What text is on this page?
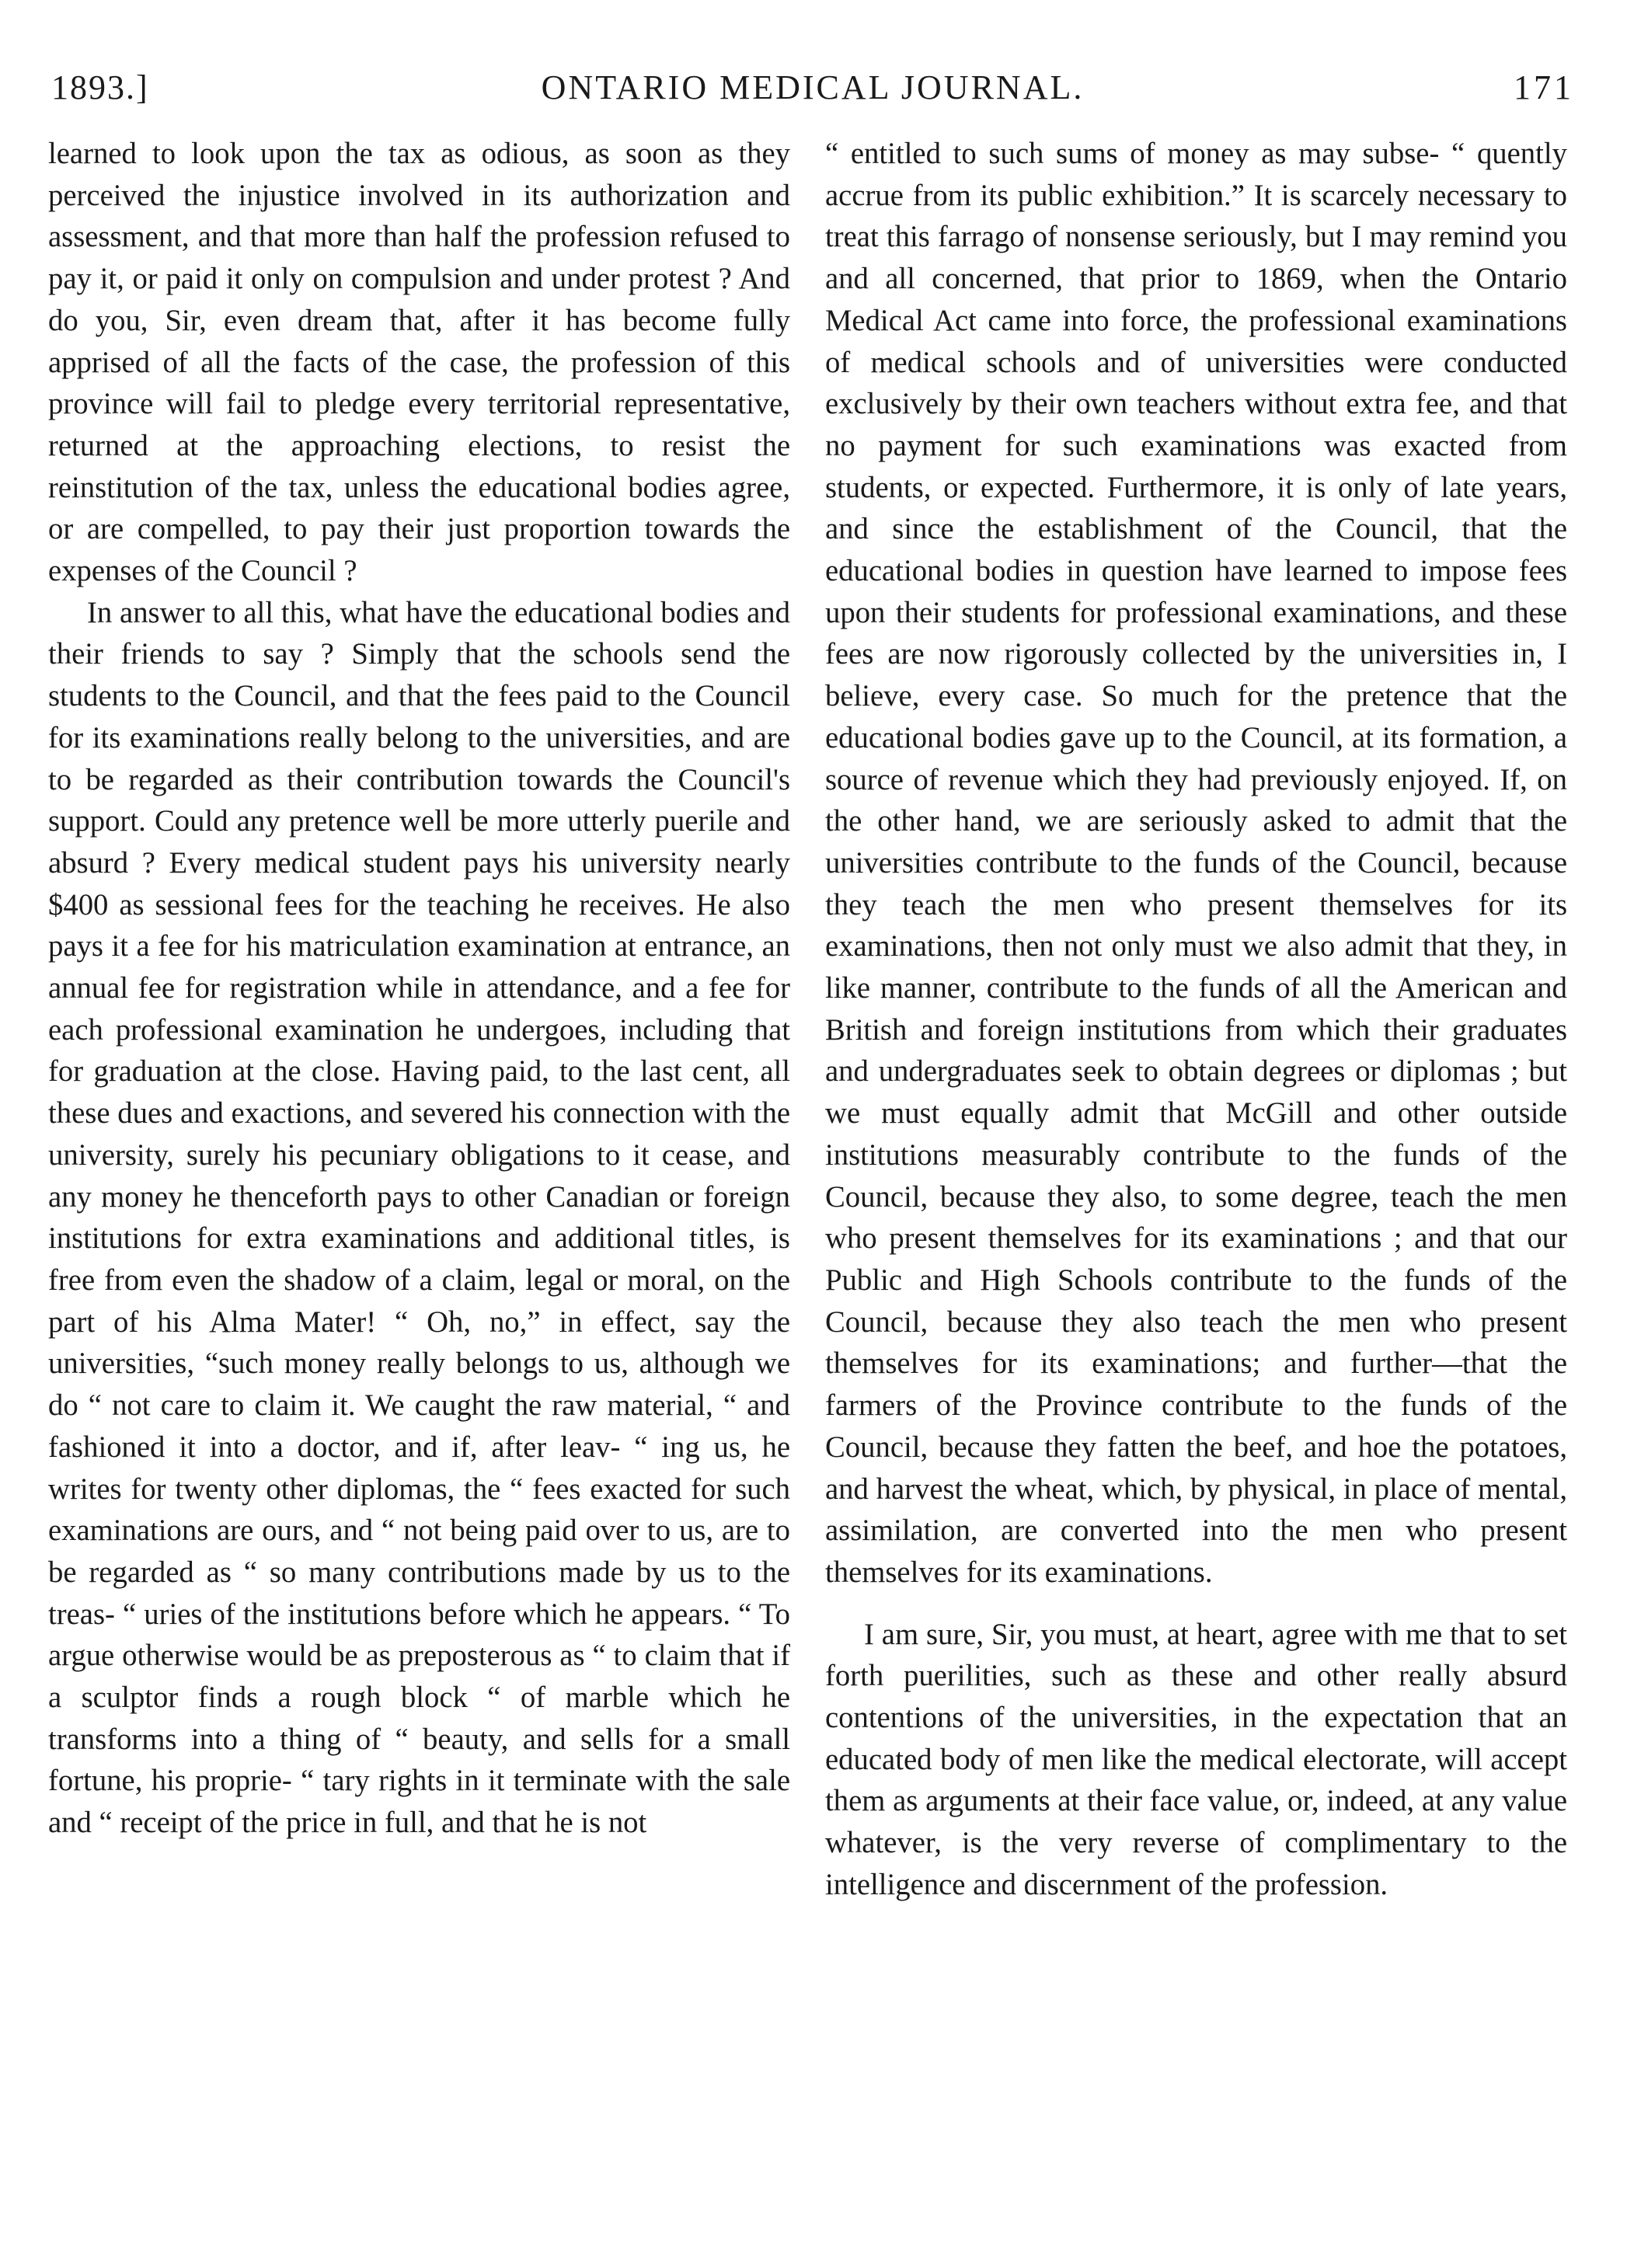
1893.]	ONTARIO MEDICAL JOURNAL.	171

learned to look upon the tax as odious, as soon as they perceived the injustice involved in its authorization and assessment, and that more than half the profession refused to pay it, or paid it only on compulsion and under protest ? And do you, Sir, even dream that, after it has become fully apprised of all the facts of the case, the profession of this province will fail to pledge every territorial representative, returned at the approaching elections, to resist the reinstitution of the tax, unless the educational bodies agree, or are compelled, to pay their just proportion towards the expenses of the Council ?

In answer to all this, what have the educational bodies and their friends to say ? Simply that the schools send the students to the Council, and that the fees paid to the Council for its examinations really belong to the universities, and are to be regarded as their contribution towards the Council's support. Could any pretence well be more utterly puerile and absurd ? Every medical student pays his university nearly $400 as sessional fees for the teaching he receives. He also pays it a fee for his matriculation examination at entrance, an annual fee for registration while in attendance, and a fee for each professional examination he undergoes, including that for graduation at the close. Having paid, to the last cent, all these dues and exactions, and severed his connection with the university, surely his pecuniary obligations to it cease, and any money he thenceforth pays to other Canadian or foreign institutions for extra examinations and additional titles, is free from even the shadow of a claim, legal or moral, on the part of his Alma Mater! “ Oh, no,” in effect, say the universities, “such money really belongs to us, although we do “ not care to claim it. We caught the raw material, “ and fashioned it into a doctor, and if, after leav- “ ing us, he writes for twenty other diplomas, the “ fees exacted for such examinations are ours, and “ not being paid over to us, are to be regarded as “ so many contributions made by us to the treas- “ uries of the institutions before which he appears. “ To argue otherwise would be as preposterous as “ to claim that if a sculptor finds a rough block “ of marble which he transforms into a thing of “ beauty, and sells for a small fortune, his proprie- “ tary rights in it terminate with the sale and “ receipt of the price in full, and that he is not

“ entitled to such sums of money as may subse- “ quently accrue from its public exhibition.” It is scarcely necessary to treat this farrago of nonsense seriously, but I may remind you and all concerned, that prior to 1869, when the Ontario Medical Act came into force, the professional examinations of medical schools and of universities were conducted exclusively by their own teachers without extra fee, and that no payment for such examinations was exacted from students, or expected. Furthermore, it is only of late years, and since the establishment of the Council, that the educational bodies in question have learned to impose fees upon their students for professional examinations, and these fees are now rigorously collected by the universities in, I believe, every case. So much for the pretence that the educational bodies gave up to the Council, at its formation, a source of revenue which they had previously enjoyed. If, on the other hand, we are seriously asked to admit that the universities contribute to the funds of the Council, because they teach the men who present themselves for its examinations, then not only must we also admit that they, in like manner, contribute to the funds of all the American and British and foreign institutions from which their graduates and undergraduates seek to obtain degrees or diplomas ; but we must equally admit that McGill and other outside institutions measurably contribute to the funds of the Council, because they also, to some degree, teach the men who present themselves for its examinations ; and that our Public and High Schools contribute to the funds of the Council, because they also teach the men who present themselves for its examinations; and further—that the farmers of the Province contribute to the funds of the Council, because they fatten the beef, and hoe the potatoes, and harvest the wheat, which, by physical, in place of mental, assimilation, are converted into the men who present themselves for its examinations.

I am sure, Sir, you must, at heart, agree with me that to set forth puerilities, such as these and other really absurd contentions of the universities, in the expectation that an educated body of men like the medical electorate, will accept them as arguments at their face value, or, indeed, at any value whatever, is the very reverse of complimentary to the intelligence and discernment of the profession.
